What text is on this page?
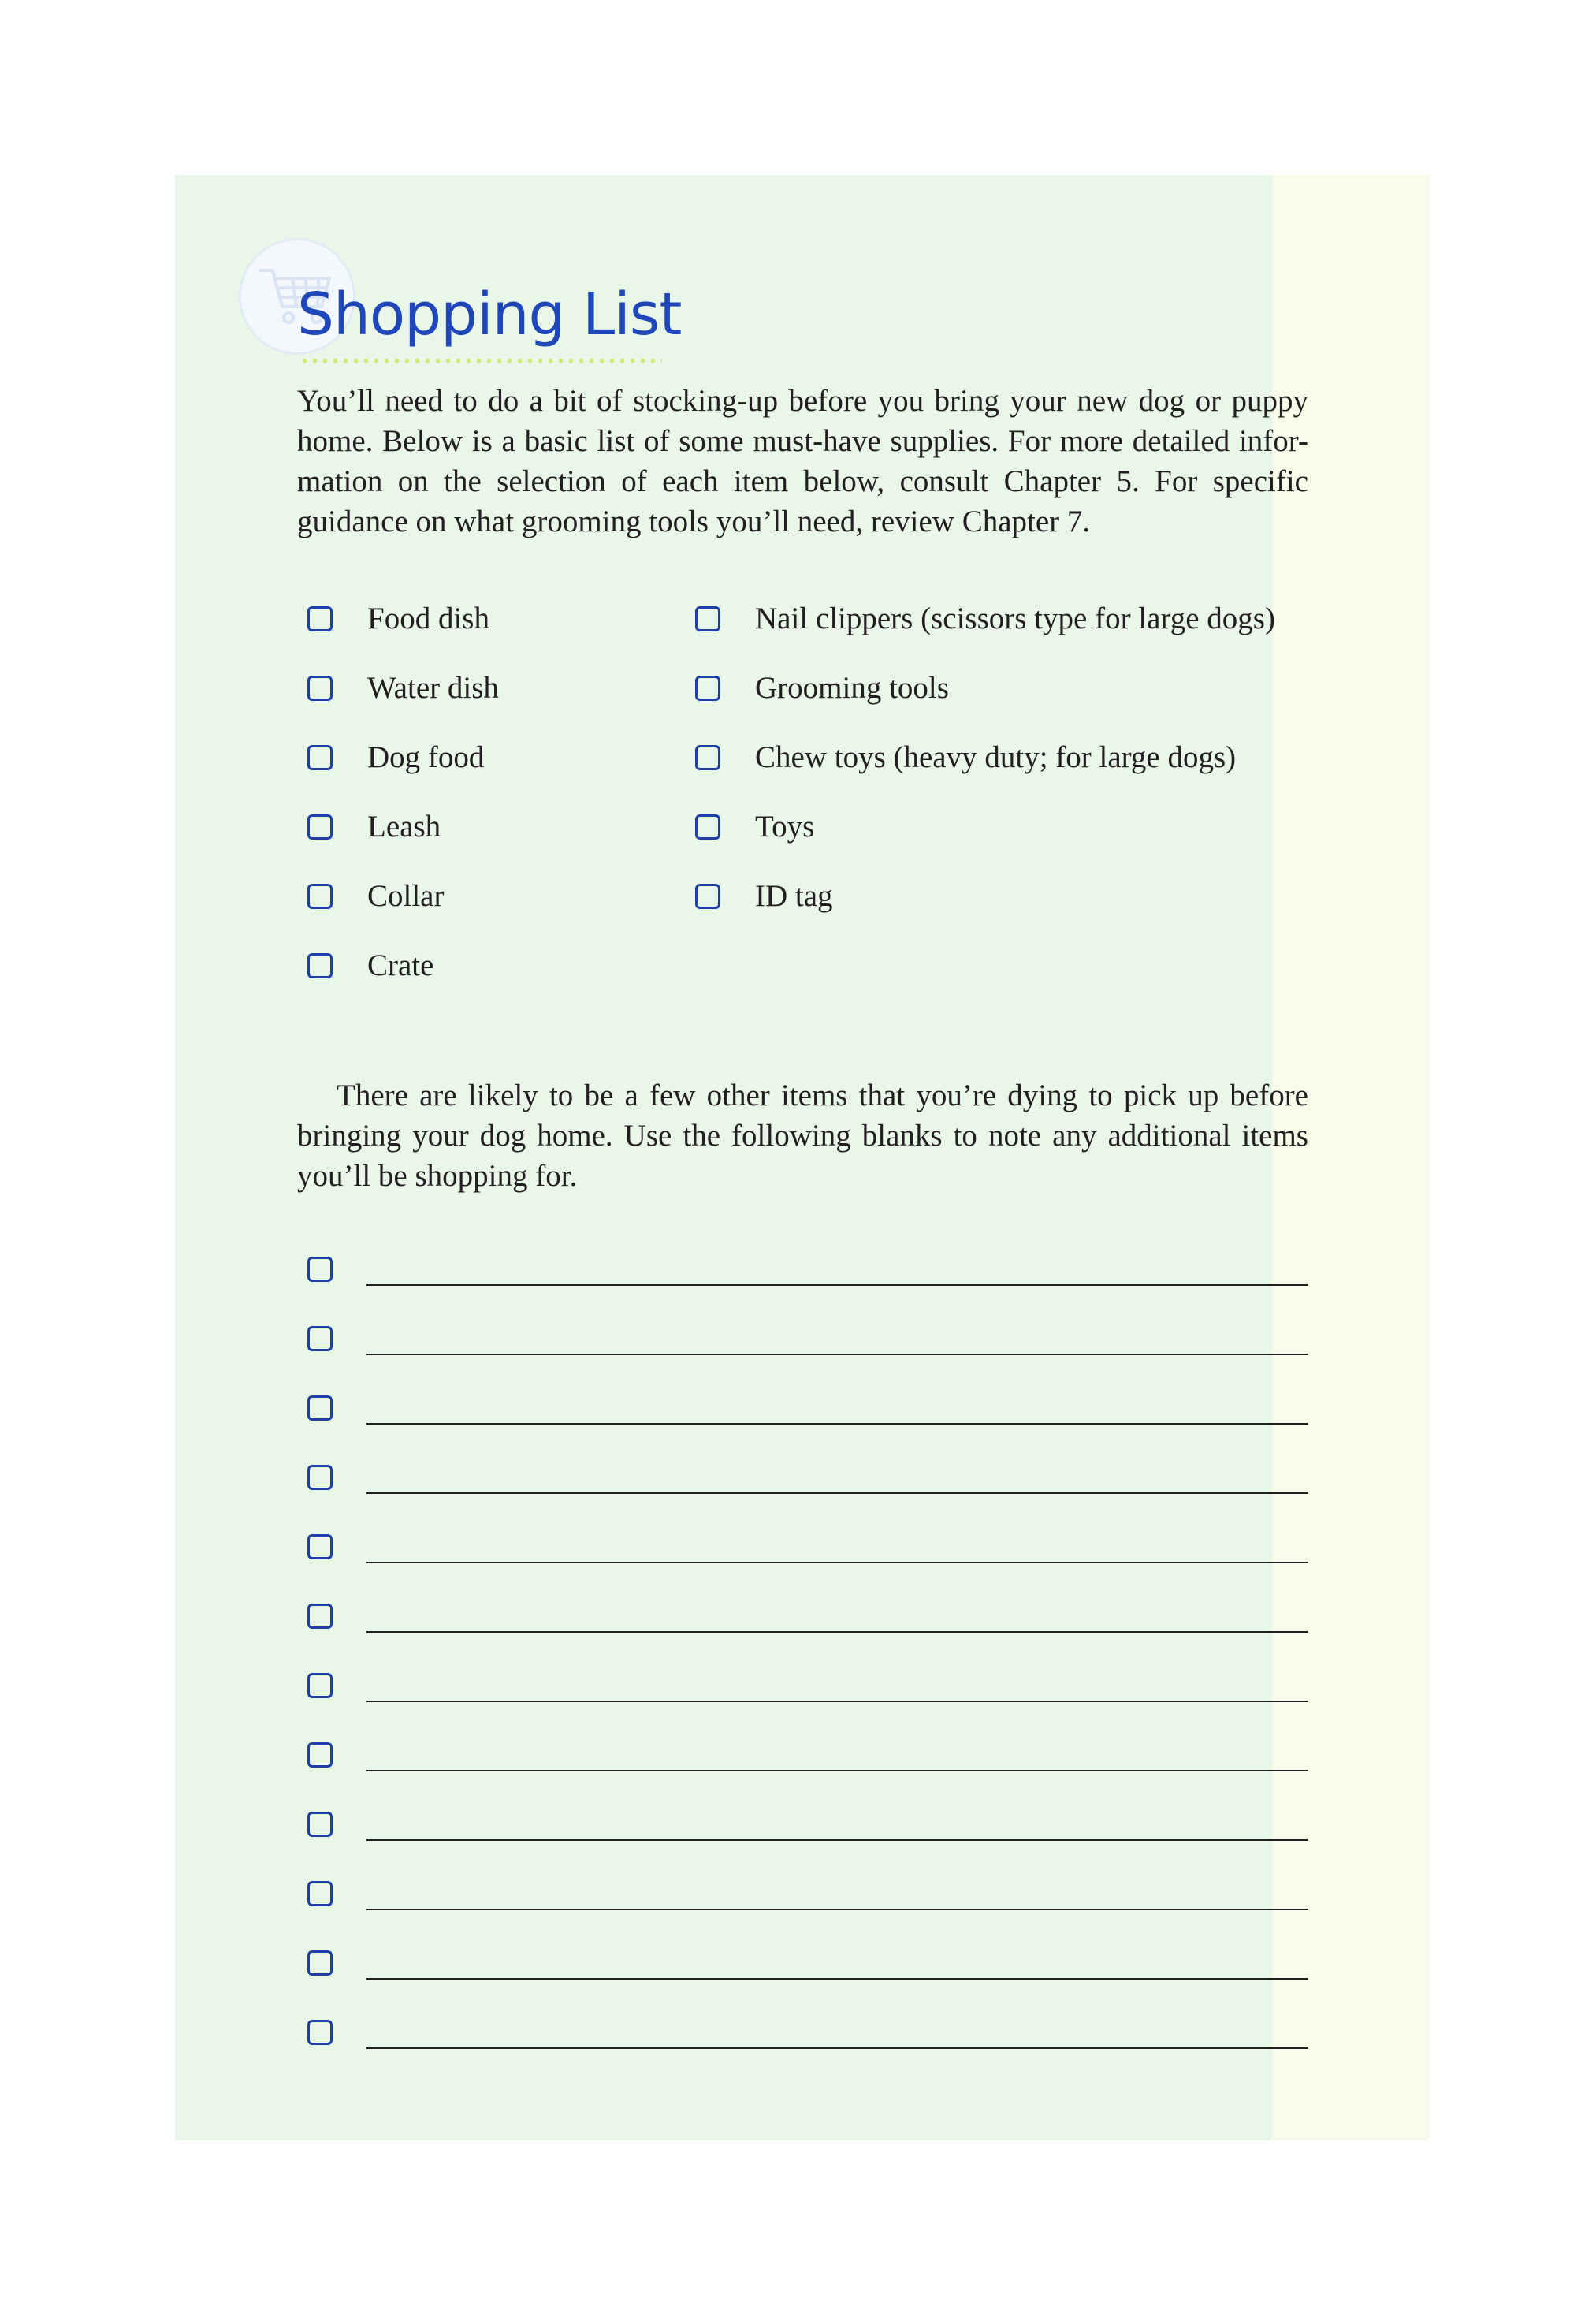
Shopping List

You’ll need to do a bit of stocking-up before you bring your new dog or puppy home. Below is a basic list of some must-have supplies. For more detailed infor-mation on the selection of each item below, consult Chapter 5. For specific guidance on what grooming tools you’ll need, review Chapter 7.

Food dish
Water dish
Dog food
Leash
Collar
Crate
Nail clippers (scissors type for large dogs)
Grooming tools
Chew toys (heavy duty; for large dogs)
Toys
ID tag

There are likely to be a few other items that you’re dying to pick up before bringing your dog home. Use the following blanks to note any additional items you’ll be shopping for.
